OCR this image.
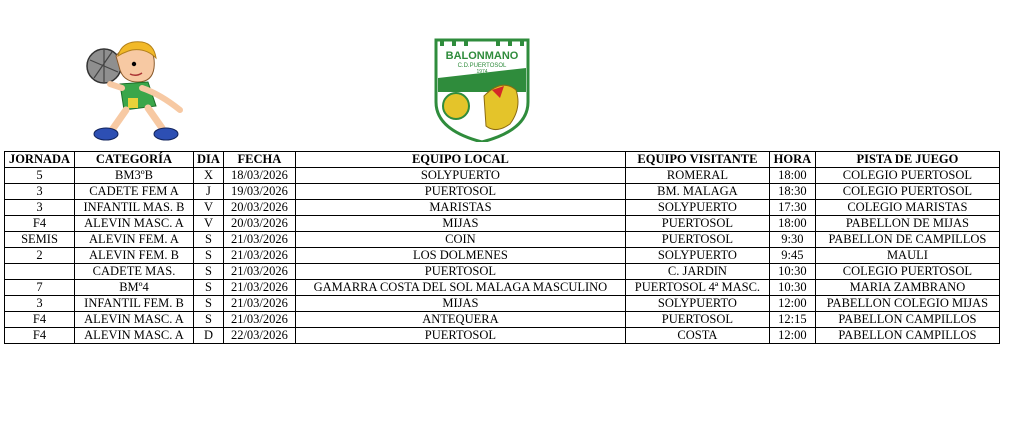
BALONMANO
C.D.PUERTOSOL
1974
JORNADA	CATEGORÍA	DIA	FECHA	EQUIPO LOCAL	EQUIPO VISITANTE	HORA	PISTA DE JUEGO
5	BM3ºB	X	18/03/2026	SOLYPUERTO	ROMERAL	18:00	COLEGIO PUERTOSOL
3	CADETE FEM A	J	19/03/2026	PUERTOSOL	BM. MALAGA	18:30	COLEGIO PUERTOSOL
3	INFANTIL MAS. B	V	20/03/2026	MARISTAS	SOLYPUERTO	17:30	COLEGIO MARISTAS
F4	ALEVIN MASC. A	V	20/03/2026	MIJAS	PUERTOSOL	18:00	PABELLON DE MIJAS
SEMIS	ALEVIN FEM. A	S	21/03/2026	COIN	PUERTOSOL	9:30	PABELLON DE CAMPILLOS
2	ALEVIN FEM. B	S	21/03/2026	LOS DOLMENES	SOLYPUERTO	9:45	MAULI
	CADETE MAS.	S	21/03/2026	PUERTOSOL	C. JARDIN	10:30	COLEGIO PUERTOSOL
7	BMº4	S	21/03/2026	GAMARRA COSTA DEL SOL MALAGA MASCULINO	PUERTOSOL 4ª MASC.	10:30	MARIA ZAMBRANO
3	INFANTIL FEM. B	S	21/03/2026	MIJAS	SOLYPUERTO	12:00	PABELLON COLEGIO MIJAS
F4	ALEVIN MASC. A	S	21/03/2026	ANTEQUERA	PUERTOSOL	12:15	PABELLON CAMPILLOS
F4	ALEVIN MASC. A	D	22/03/2026	PUERTOSOL	COSTA	12:00	PABELLON CAMPILLOS
